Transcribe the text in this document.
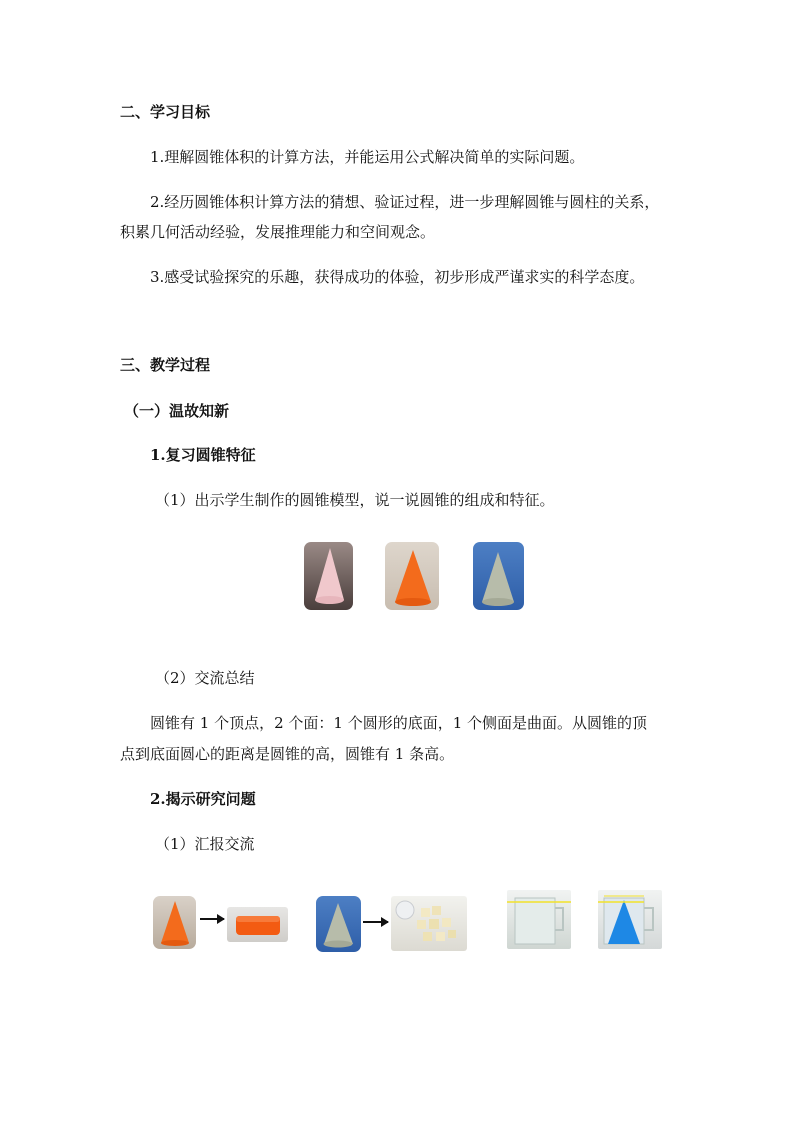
二、学习目标
1.理解圆锥体积的计算方法，并能运用公式解决简单的实际问题。
2.经历圆锥体积计算方法的猜想、验证过程，进一步理解圆锥与圆柱的关系，
积累几何活动经验，发展推理能力和空间观念。
3.感受试验探究的乐趣，获得成功的体验，初步形成严谨求实的科学态度。
三、教学过程
（一）温故知新
1.复习圆锥特征
（1）出示学生制作的圆锥模型，说一说圆锥的组成和特征。
（2）交流总结
圆锥有 1 个顶点，2 个面：1 个圆形的底面，1 个侧面是曲面。从圆锥的顶
点到底面圆心的距离是圆锥的高，圆锥有 1 条高。
2.揭示研究问题
（1）汇报交流
